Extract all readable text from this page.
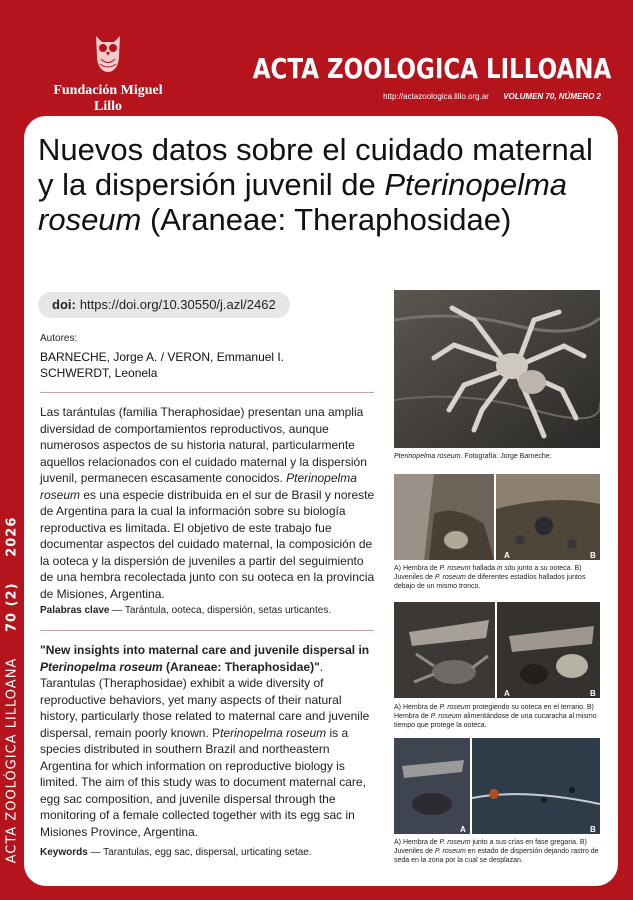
ACTA ZOOLÓGICA LILLOANA     70 (2)     2026
Fundación Miguel Lillo
ACTA ZOOLOGICA LILLOANA
http://actazoologica.lillo.org.ar VOLUMEN 70, NÚMERO 2
Nuevos datos sobre el cuidado maternal y la dispersión juvenil de Pterinopelma roseum (Araneae: Theraphosidae)
doi: https://doi.org/10.30550/j.azl/2462
Autores:
BARNECHE, Jorge A. / VERON, Emmanuel I.
SCHWERDT, Leonela
Las tarántulas (familia Theraphosidae) presentan una amplia diversidad de comportamientos reproductivos, aunque numerosos aspectos de su historia natural, particularmente aquellos relacionados con el cuidado maternal y la dispersión juvenil, permanecen escasamente conocidos. Pterinopelma roseum es una especie distribuida en el sur de Brasil y noreste de Argentina para la cual la información sobre su biología reproductiva es limitada. El objetivo de este trabajo fue documentar aspectos del cuidado maternal, la composición de la ooteca y la dispersión de juveniles a partir del seguimiento de una hembra recolectada junto con su ooteca en la provincia de Misiones, Argentina.
Palabras clave — Tarántula, ooteca, dispersión, setas urticantes.
"New insights into maternal care and juvenile dispersal in Pterinopelma roseum (Araneae: Theraphosidae)". Tarantulas (Theraphosidae) exhibit a wide diversity of reproductive behaviors, yet many aspects of their natural history, particularly those related to maternal care and juvenile dispersal, remain poorly known. Pterinopelma roseum is a species distributed in southern Brazil and northeastern Argentina for which information on reproductive biology is limited. The aim of this study was to document maternal care, egg sac composition, and juvenile dispersal through the monitoring of a female collected together with its egg sac in Misiones Province, Argentina.
Keywords — Tarantulas, egg sac, dispersal, urticating setae.
Pterinopelma roseum. Fotografía: Jorge Barneche.
A	B
A) Hembra de P. roseum hallada in situ junto a su ooteca. B) Juveniles de P. roseum de diferentes estadíos hallados juntos debajo de un mismo tronco.
A	B
A) Hembra de P. roseum protegiendo su ooteca en el terrario. B) Hembra de P. roseum alimentándose de una cucaracha al mismo tiempo que protege la ooteca.
A	B
A) Hembra de P. roseum junto a sus crías en fase gregaria. B) Juveniles de P. roseum en estado de dispersión dejando rastro de seda en la zona por la cual se desplazan.
